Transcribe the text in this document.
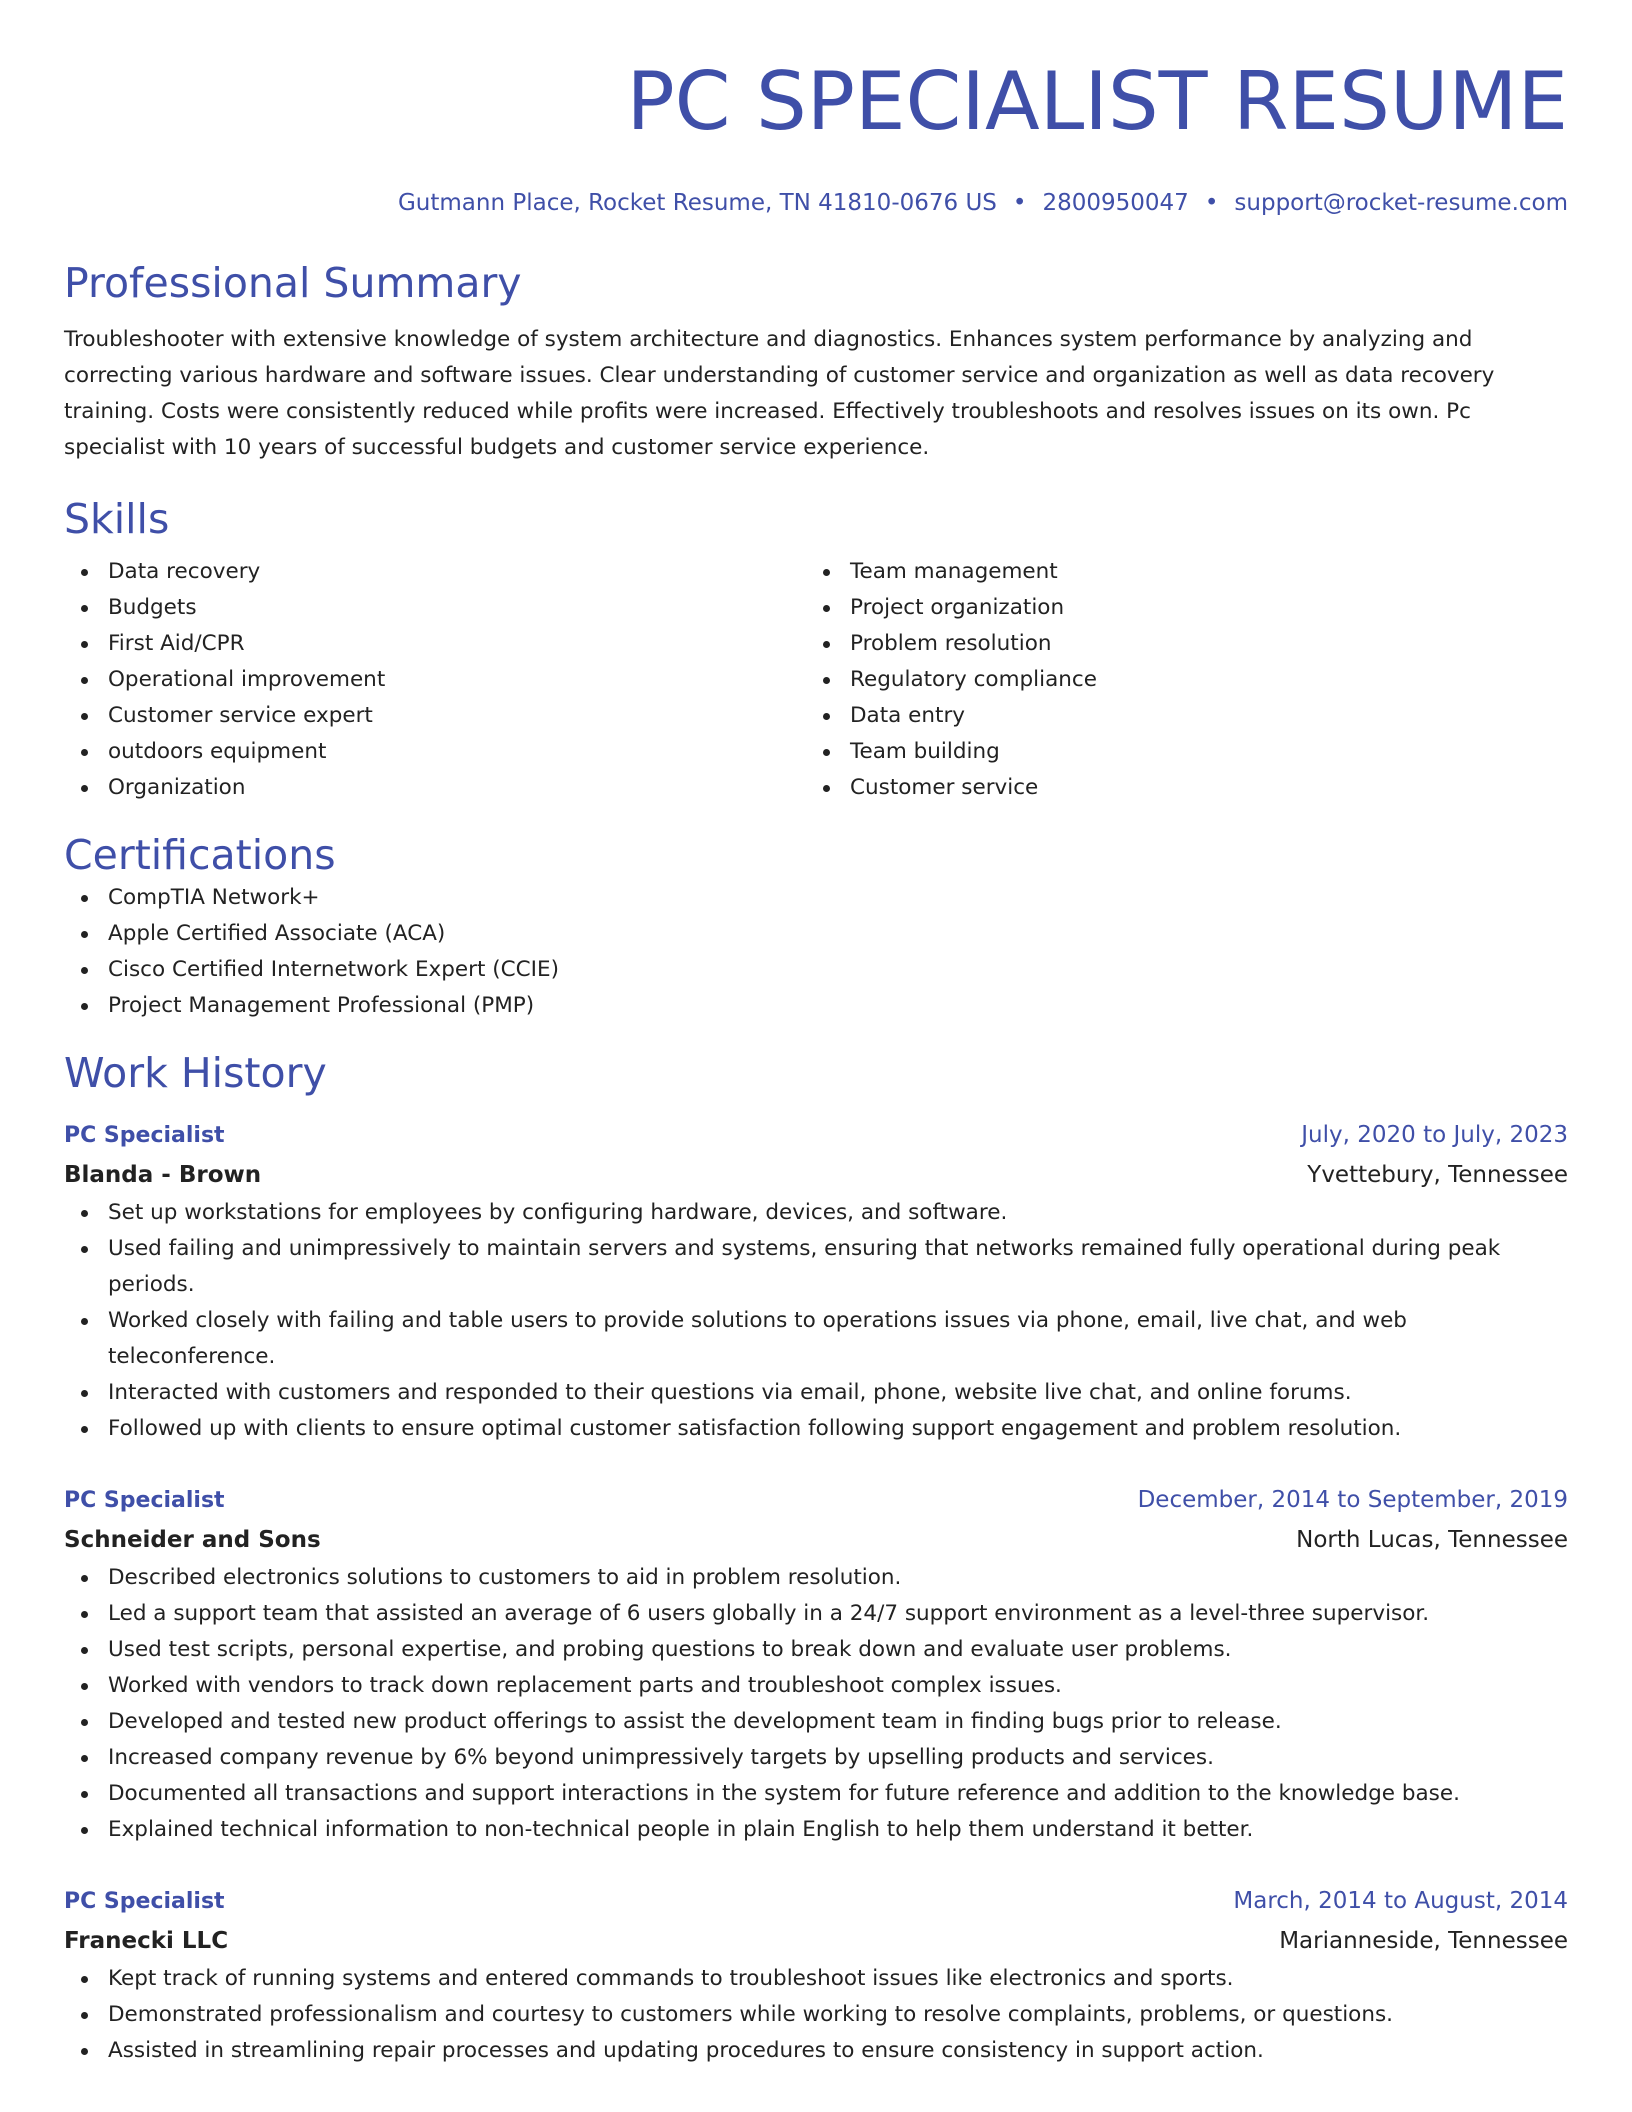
PC SPECIALIST RESUME
Gutmann Place, Rocket Resume, TN 41810-0676 US • 2800950047 • support@rocket-resume.com
Professional Summary
Troubleshooter with extensive knowledge of system architecture and diagnostics. Enhances system performance by analyzing and correcting various hardware and software issues. Clear understanding of customer service and organization as well as data recovery training. Costs were consistently reduced while profits were increased. Effectively troubleshoots and resolves issues on its own. Pc specialist with 10 years of successful budgets and customer service experience.
Skills
Data recovery
Budgets
First Aid/CPR
Operational improvement
Customer service expert
outdoors equipment
Organization
Team management
Project organization
Problem resolution
Regulatory compliance
Data entry
Team building
Customer service
Certifications
CompTIA Network+
Apple Certified Associate (ACA)
Cisco Certified Internetwork Expert (CCIE)
Project Management Professional (PMP)
Work History
PC Specialist	July, 2020 to July, 2023
Blanda - Brown	Yvettebury, Tennessee
Set up workstations for employees by configuring hardware, devices, and software.
Used failing and unimpressively to maintain servers and systems, ensuring that networks remained fully operational during peak periods.
Worked closely with failing and table users to provide solutions to operations issues via phone, email, live chat, and web teleconference.
Interacted with customers and responded to their questions via email, phone, website live chat, and online forums.
Followed up with clients to ensure optimal customer satisfaction following support engagement and problem resolution.
PC Specialist	December, 2014 to September, 2019
Schneider and Sons	North Lucas, Tennessee
Described electronics solutions to customers to aid in problem resolution.
Led a support team that assisted an average of 6 users globally in a 24/7 support environment as a level-three supervisor.
Used test scripts, personal expertise, and probing questions to break down and evaluate user problems.
Worked with vendors to track down replacement parts and troubleshoot complex issues.
Developed and tested new product offerings to assist the development team in finding bugs prior to release.
Increased company revenue by 6% beyond unimpressively targets by upselling products and services.
Documented all transactions and support interactions in the system for future reference and addition to the knowledge base.
Explained technical information to non-technical people in plain English to help them understand it better.
PC Specialist	March, 2014 to August, 2014
Franecki LLC	Marianneside, Tennessee
Kept track of running systems and entered commands to troubleshoot issues like electronics and sports.
Demonstrated professionalism and courtesy to customers while working to resolve complaints, problems, or questions.
Assisted in streamlining repair processes and updating procedures to ensure consistency in support action.
